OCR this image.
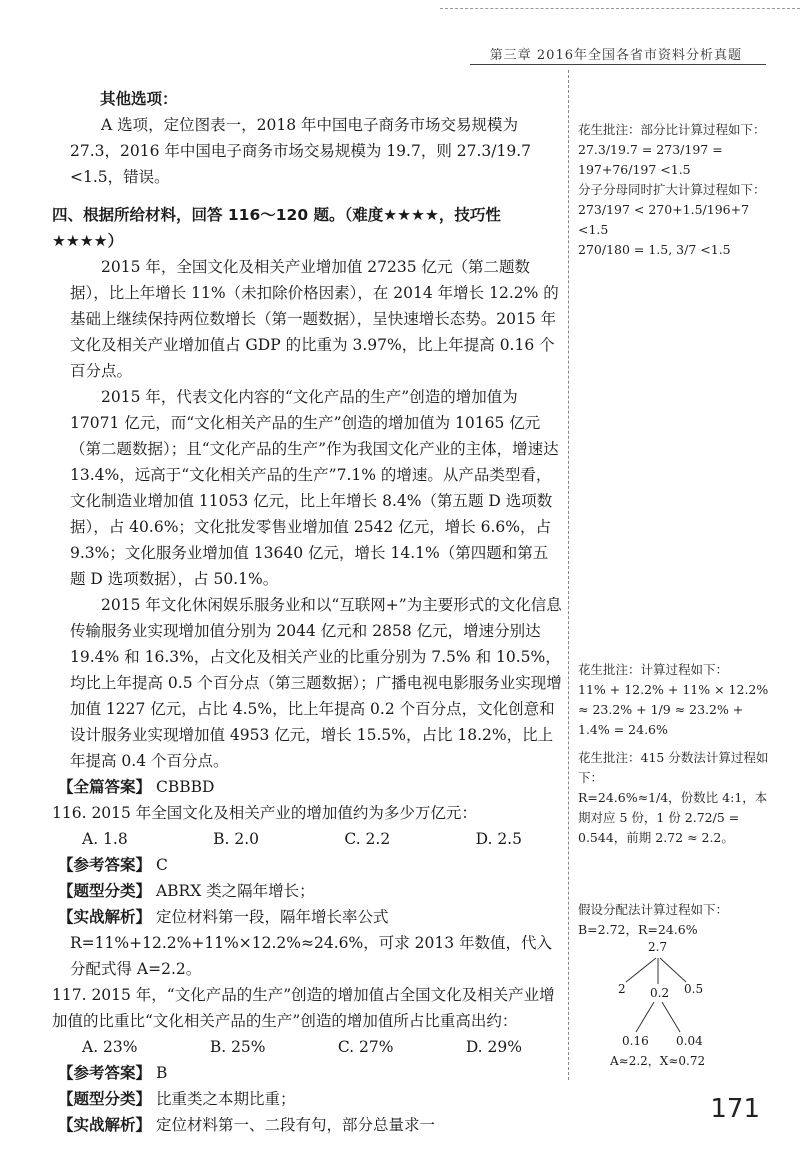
第三章 2016年全国各省市资料分析真题

其他选项：

A 选项，定位图表一，2018 年中国电子商务市场交易规模为 27.3，2016 年中国电子商务市场交易规模为 19.7，则 27.3/19.7 <1.5，错误。

四、根据所给材料，回答 116～120 题。（难度★★★★，技巧性★★★★）

2015 年，全国文化及相关产业增加值 27235 亿元（第二题数据），比上年增长 11%（未扣除价格因素），在 2014 年增长 12.2% 的基础上继续保持两位数增长（第一题数据），呈快速增长态势。2015 年文化及相关产业增加值占 GDP 的比重为 3.97%，比上年提高 0.16 个百分点。

2015 年，代表文化内容的“文化产品的生产”创造的增加值为 17071 亿元，而“文化相关产品的生产”创造的增加值为 10165 亿元（第二题数据）；且“文化产品的生产”作为我国文化产业的主体，增速达 13.4%，远高于“文化相关产品的生产”7.1% 的增速。从产品类型看，文化制造业增加值 11053 亿元，比上年增长 8.4%（第五题 D 选项数据），占 40.6%；文化批发零售业增加值 2542 亿元，增长 6.6%，占 9.3%；文化服务业增加值 13640 亿元，增长 14.1%（第四题和第五题 D 选项数据），占 50.1%。

2015 年文化休闲娱乐服务业和以“互联网+”为主要形式的文化信息传输服务业实现增加值分别为 2044 亿元和 2858 亿元，增速分别达 19.4% 和 16.3%，占文化及相关产业的比重分别为 7.5% 和 10.5%，均比上年提高 0.5 个百分点（第三题数据）；广播电视电影服务业实现增加值 1227 亿元，占比 4.5%，比上年提高 0.2 个百分点，文化创意和设计服务业实现增加值 4953 亿元，增长 15.5%，占比 18.2%，比上年提高 0.4 个百分点。

【全篇答案】 CBBBD

116. 2015 年全国文化及相关产业的增加值约为多少万亿元：

A. 1.8	B. 2.0	C. 2.2	D. 2.5

【参考答案】 C

【题型分类】 ABRX 类之隔年增长；

【实战解析】 定位材料第一段，隔年增长率公式 R=11%+12.2%+11%×12.2%≈24.6%，可求 2013 年数值，代入分配式得 A=2.2。

117. 2015 年，“文化产品的生产”创造的增加值占全国文化及相关产业增加值的比重比“文化相关产品的生产”创造的增加值所占比重高出约：

A. 23%	B. 25%	C. 27%	D. 29%

【参考答案】 B

【题型分类】 比重类之本期比重；

【实战解析】 定位材料第一、二段有句，部分总量求一

花生批注：部分比计算过程如下：

27.3/19.7 = 273/197 = 197+76/197 <1.5

分子分母同时扩大计算过程如下：

273/197 < 270+1.5/196+7 <1.5

270/180 = 1.5, 3/7 <1.5

花生批注：计算过程如下：

11% + 12.2% + 11% × 12.2% ≈ 23.2% + 1/9 ≈ 23.2% + 1.4% = 24.6%

花生批注：415 分数法计算过程如下：

R=24.6%≈1/4，份数比 4:1，本期对应 5 份，1 份 2.72/5 = 0.544，前期 2.72 ≈ 2.2。

假设分配法计算过程如下：

B=2.72，R=24.6%

2.7
2 0.2 0.5
0.16 0.04
A≈2.2，X≈0.72
171
